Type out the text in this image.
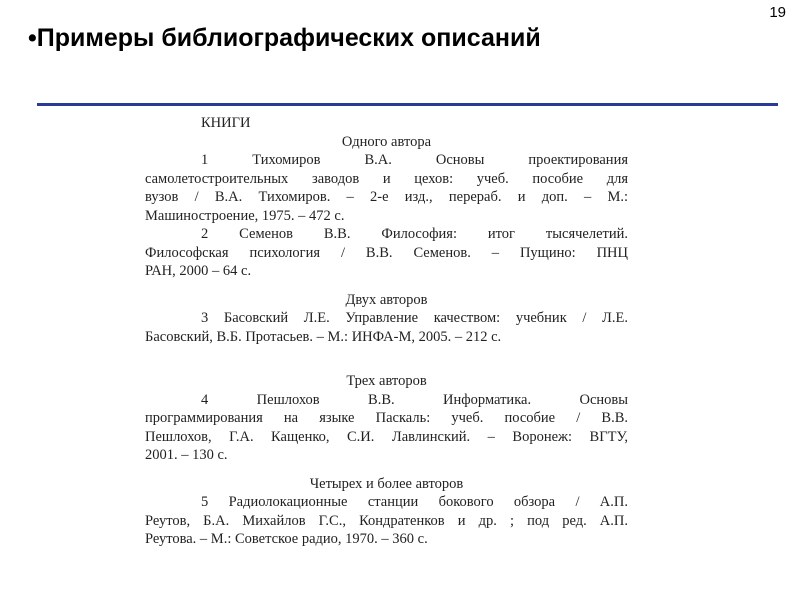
19
•Примеры библиографических описаний
КНИГИ
Одного автора
1 Тихомиров В.А. Основы проектирования
самолетостроительных заводов и цехов: учеб. пособие для
вузов / В.А. Тихомиров. – 2-е изд., перераб. и доп. – М.:
Машиностроение, 1975. – 472 с.
2 Семенов В.В. Философия: итог тысячелетий.
Философская психология / В.В. Семенов. – Пущино: ПНЦ
РАН, 2000 – 64 с.
Двух авторов
3 Басовский Л.Е. Управление качеством: учебник / Л.Е.
Басовский, В.Б. Протасьев. – М.: ИНФА-М, 2005. – 212 с.
Трех авторов
4 Пешлохов В.В. Информатика. Основы
программирования на языке Паскаль: учеб. пособие / В.В.
Пешлохов, Г.А. Кащенко, С.И. Лавлинский. – Воронеж: ВГТУ,
2001. – 130 с.
Четырех и более авторов
5 Радиолокационные станции бокового обзора / А.П.
Реутов, Б.А. Михайлов Г.С., Кондратенков и др. ; под ред. А.П.
Реутова. – М.: Советское радио, 1970. – 360 с.
